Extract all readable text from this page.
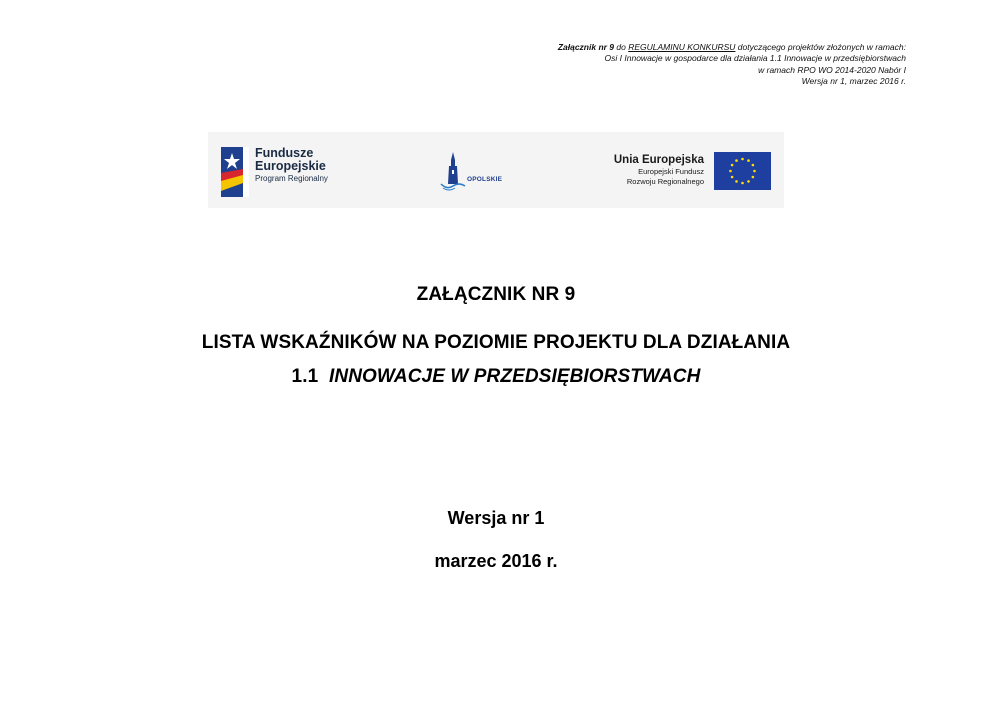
Załącznik nr 9 do REGULAMINU KONKURSU dotyczącego projektów złożonych w ramach:
Osi I Innowacje w gospodarce dla działania 1.1 Innowacje w przedsiębiorstwach
w ramach RPO WO 2014-2020 Nabór I
Wersja nr 1, marzec 2016 r.
Fundusze
Europejskie
Program Regionalny	OPOLSKIE
Unia Europejska
Europejski Fundusz
Rozwoju Regionalnego
ZAŁĄCZNIK NR 9
LISTA WSKAŹNIKÓW NA POZIOMIE PROJEKTU DLA DZIAŁANIA
1.1  INNOWACJE W PRZEDSIĘBIORSTWACH
Wersja nr 1
marzec 2016 r.
